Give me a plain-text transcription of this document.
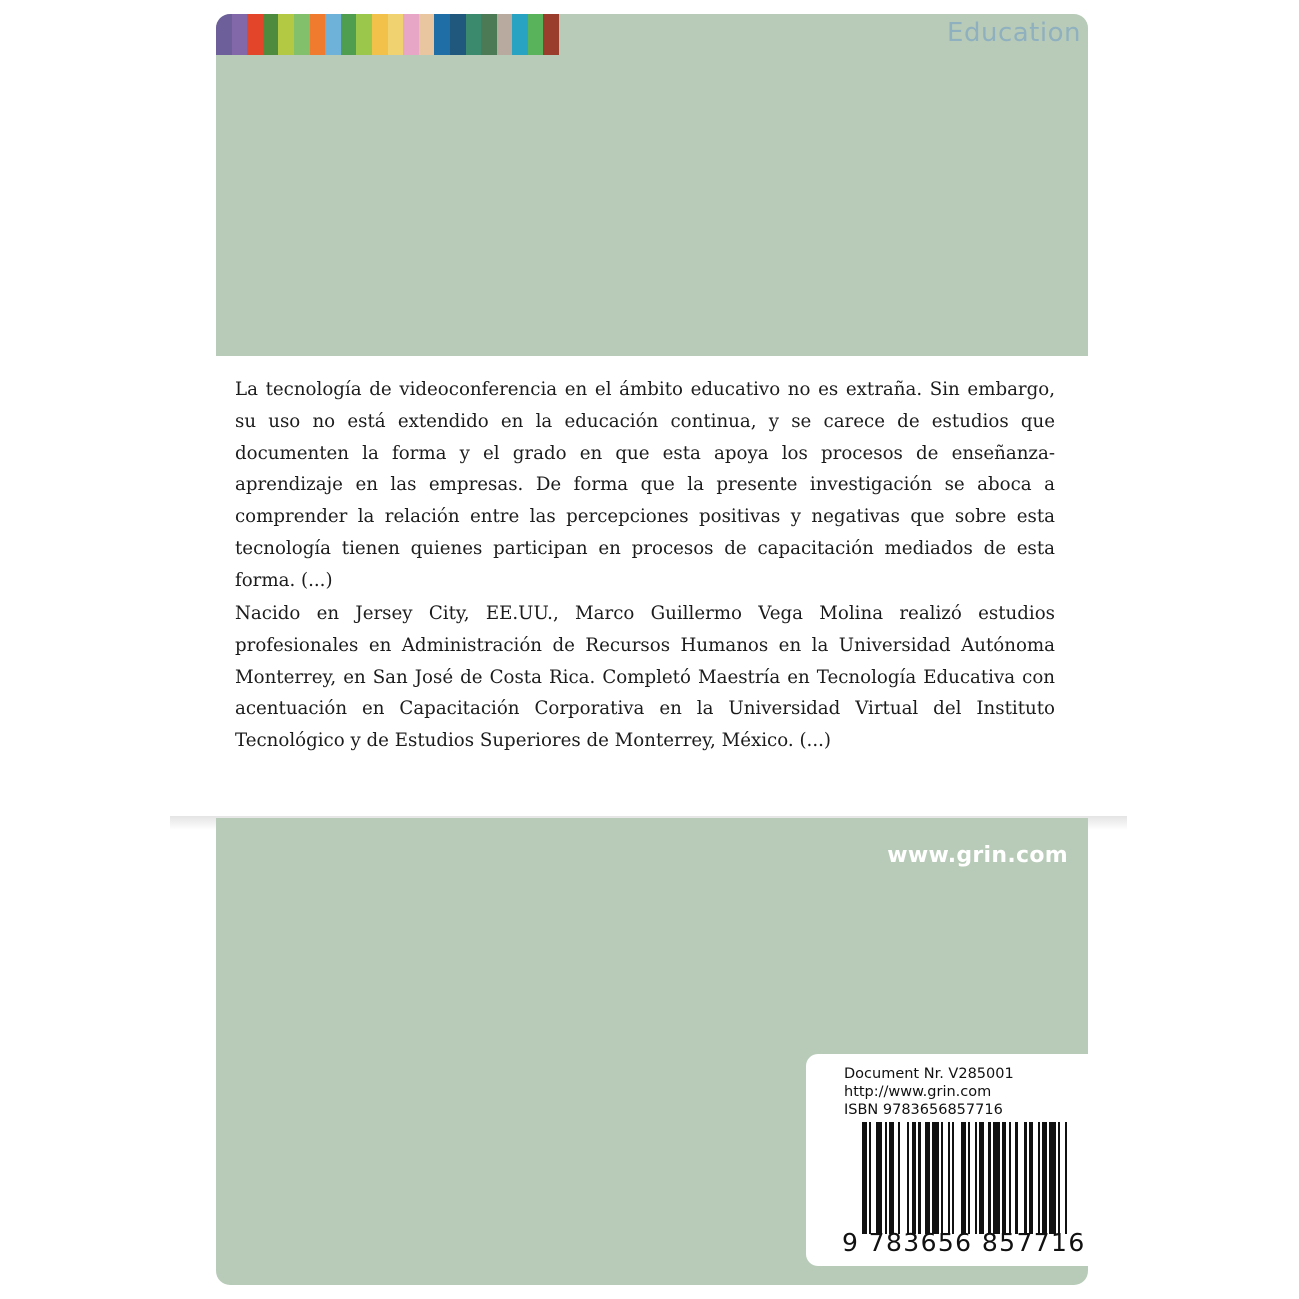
Education

La tecnología de videoconferencia en el ámbito educativo no es extraña. Sin embargo, su uso no está extendido en la educación continua, y se carece de estudios que documenten la forma y el grado en que esta apoya los procesos de enseñanza-aprendizaje en las empresas. De forma que la presente investigación se aboca a comprender la relación entre las percepciones positivas y negativas que sobre esta tecnología tienen quienes participan en procesos de capacitación mediados de esta forma. (...)

Nacido en Jersey City, EE.UU., Marco Guillermo Vega Molina realizó estudios profesionales en Administración de Recursos Humanos en la Universidad Autónoma Monterrey, en San José de Costa Rica. Completó Maestría en Tecnología Educativa con acentuación en Capacitación Corporativa en la Universidad Virtual del Instituto Tecnológico y de Estudios Superiores de Monterrey, México. (...)

www.grin.com
Document Nr. V285001
http://www.grin.com
ISBN 9783656857716
9 783656 857716
